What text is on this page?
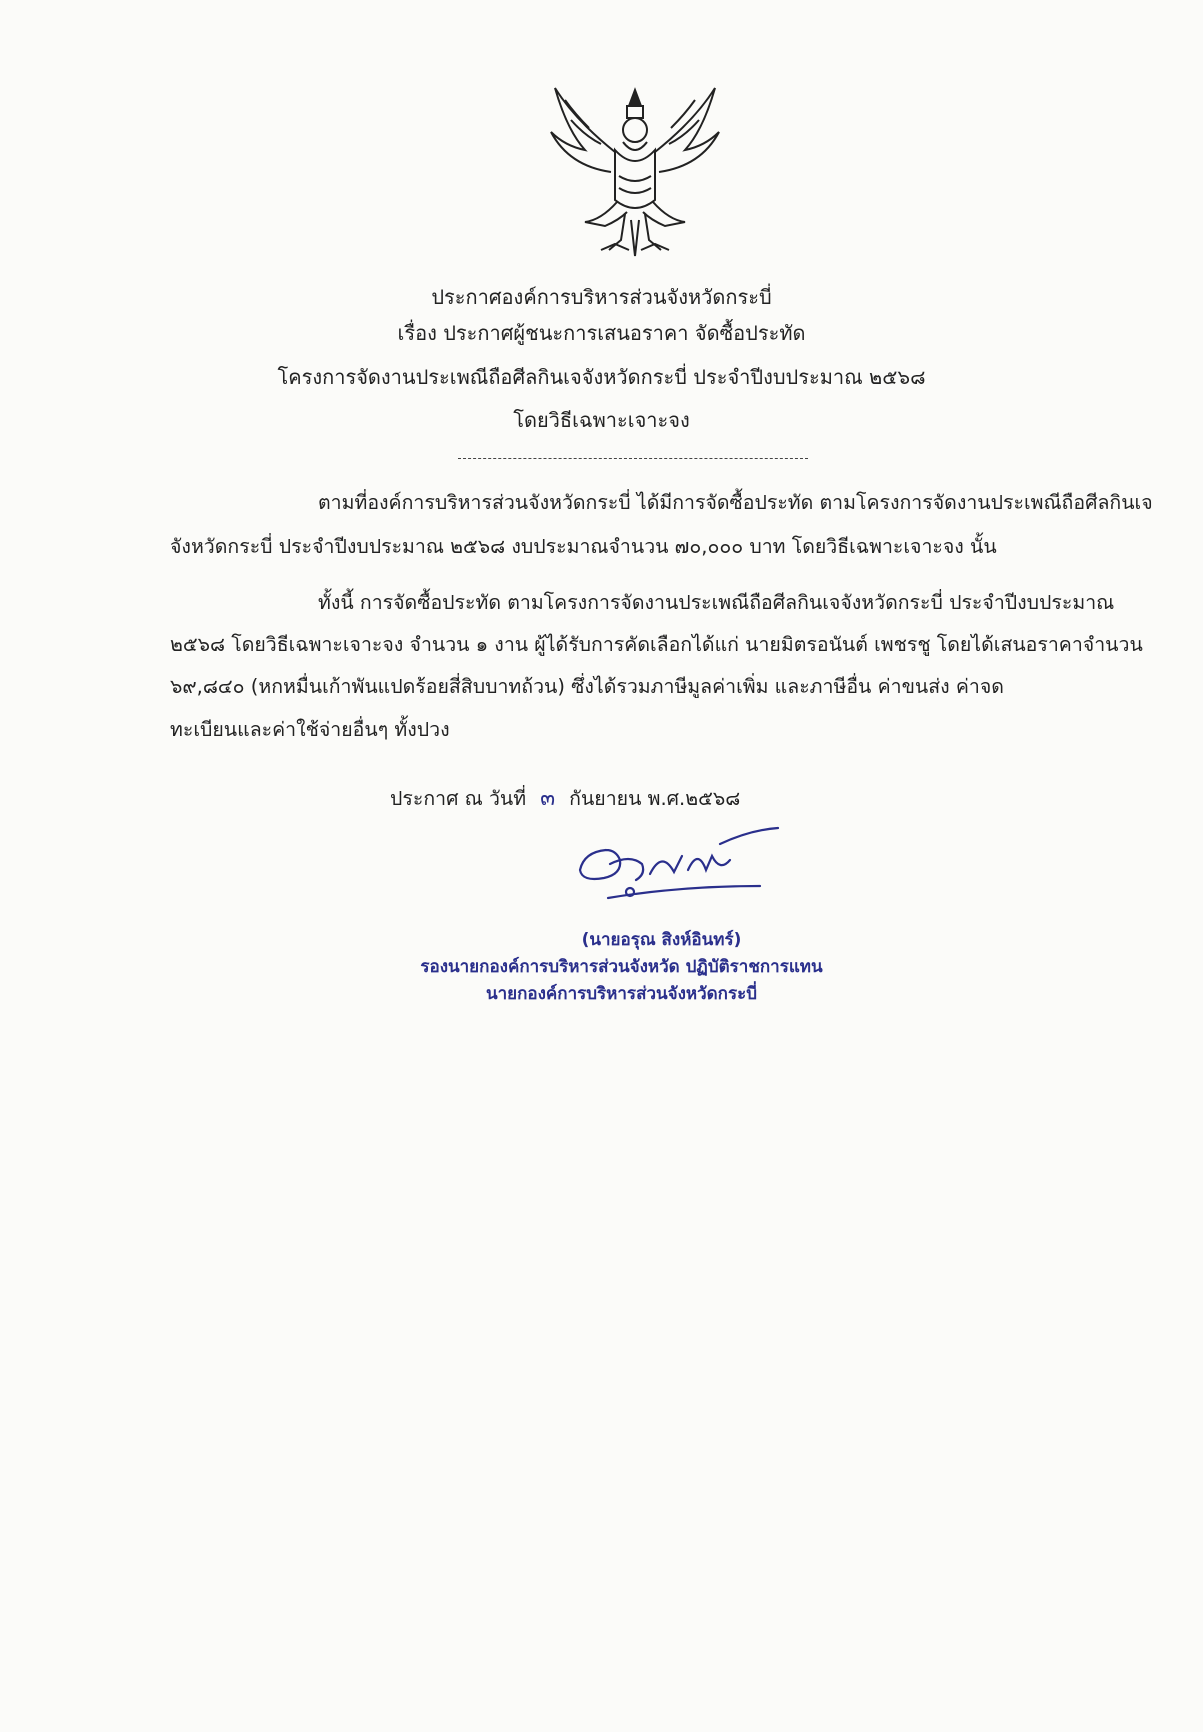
ประกาศองค์การบริหารส่วนจังหวัดกระบี่
เรื่อง ประกาศผู้ชนะการเสนอราคา จัดซื้อประทัด
โครงการจัดงานประเพณีถือศีลกินเจจังหวัดกระบี่ ประจำปีงบประมาณ ๒๕๖๘
โดยวิธีเฉพาะเจาะจง
ตามที่องค์การบริหารส่วนจังหวัดกระบี่ ได้มีการจัดซื้อประทัด ตามโครงการจัดงานประเพณีถือศีลกินเจ
จังหวัดกระบี่ ประจำปีงบประมาณ ๒๕๖๘ งบประมาณจำนวน ๗๐,๐๐๐ บาท โดยวิธีเฉพาะเจาะจง นั้น
ทั้งนี้ การจัดซื้อประทัด ตามโครงการจัดงานประเพณีถือศีลกินเจจังหวัดกระบี่ ประจำปีงบประมาณ
๒๕๖๘ โดยวิธีเฉพาะเจาะจง จำนวน ๑ งาน ผู้ได้รับการคัดเลือกได้แก่ นายมิตรอนันต์ เพชรชู โดยได้เสนอราคาจำนวน
๖๙,๘๔๐ (หกหมื่นเก้าพันแปดร้อยสี่สิบบาทถ้วน) ซึ่งได้รวมภาษีมูลค่าเพิ่ม และภาษีอื่น ค่าขนส่ง ค่าจด
ทะเบียนและค่าใช้จ่ายอื่นๆ ทั้งปวง
ประกาศ ณ วันที่ ๓ กันยายน พ.ศ.๒๕๖๘
(นายอรุณ สิงห์อินทร์)
รองนายกองค์การบริหารส่วนจังหวัด ปฏิบัติราชการแทน
นายกองค์การบริหารส่วนจังหวัดกระบี่
